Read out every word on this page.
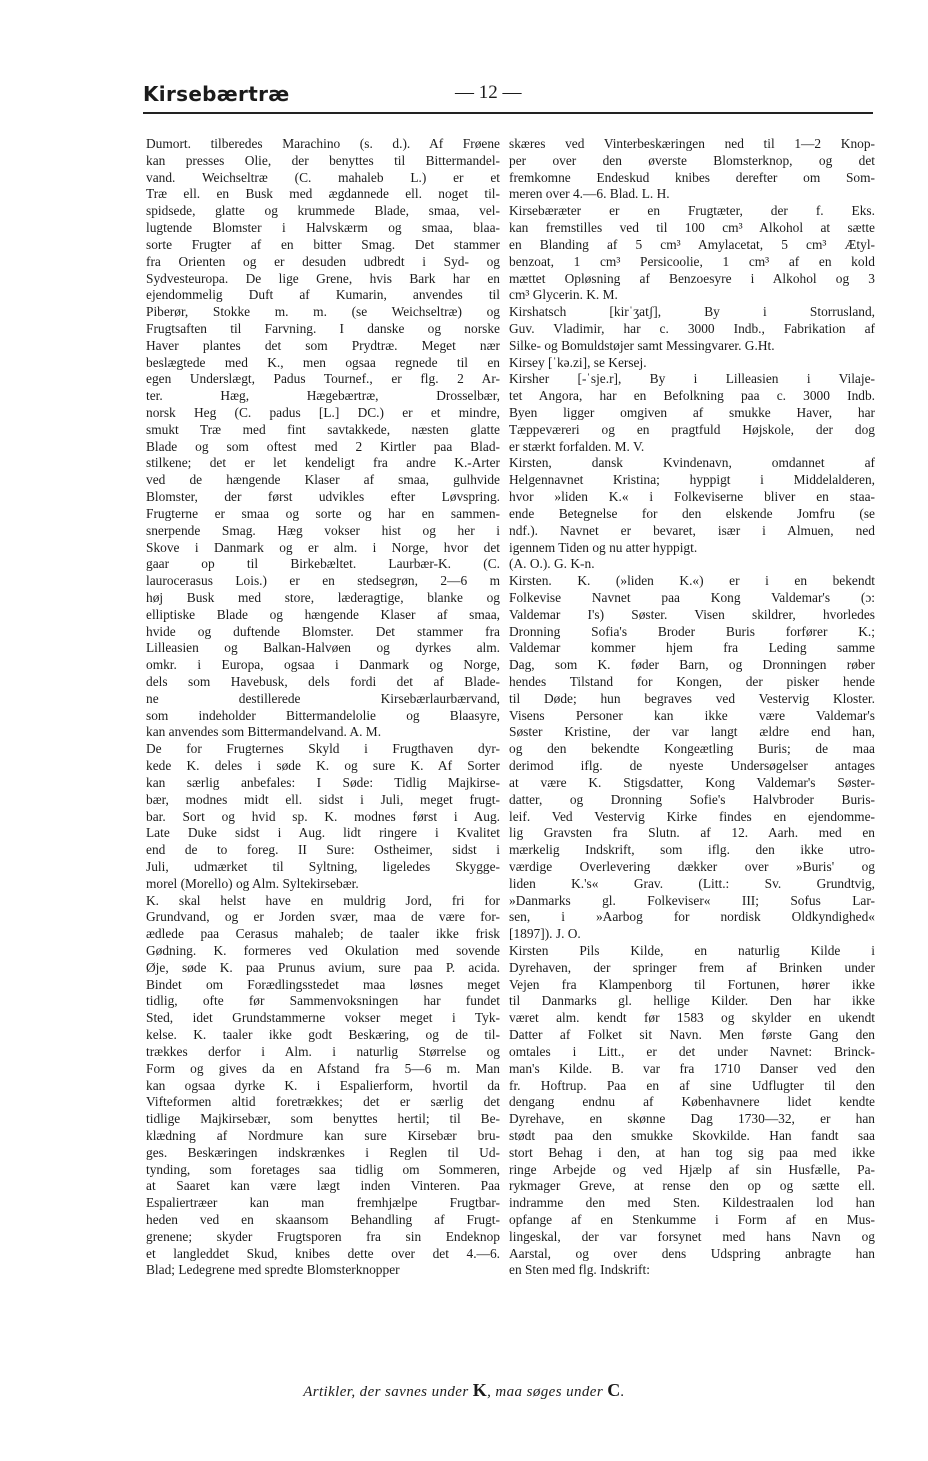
Kirsebærtræ	— 12 —
Dumort. tilberedes Marachino (s. d.). Af Frøene
kan presses Olie, der benyttes til Bittermandel-
vand. Weichseltræ (C. mahaleb L.) er et
Træ ell. en Busk med ægdannede ell. noget til-
spidsede, glatte og krummede Blade, smaa, vel-
lugtende Blomster i Halvskærm og smaa, blaa-
sorte Frugter af en bitter Smag. Det stammer
fra Orienten og er desuden udbredt i Syd- og
Sydvesteuropa. De lige Grene, hvis Bark har en
ejendommelig Duft af Kumarin, anvendes til
Piberør, Stokke m. m. (se Weichseltræ) og
Frugtsaften til Farvning. I danske og norske
Haver plantes det som Prydtræ. Meget nær
beslægtede med K., men ogsaa regnede til en
egen Underslægt, Padus Tournef., er flg. 2 Ar-
ter. Hæg, Hægebærtræ, Drosselbær,
norsk Heg (C. padus [L.] DC.) er et mindre,
smukt Træ med fint savtakkede, næsten glatte
Blade og som oftest med 2 Kirtler paa Blad-
stilkene; det er let kendeligt fra andre K.-Arter
ved de hængende Klaser af smaa, gulhvide
Blomster, der først udvikles efter Løvspring.
Frugterne er smaa og sorte og har en sammen-
snerpende Smag. Hæg vokser hist og her i
Skove i Danmark og er alm. i Norge, hvor det
gaar op til Birkebæltet. Laurbær-K. (C.
laurocerasus Lois.) er en stedsegrøn, 2—6 m
høj Busk med store, læderagtige, blanke og
elliptiske Blade og hængende Klaser af smaa,
hvide og duftende Blomster. Det stammer fra
Lilleasien og Balkan-Halvøen og dyrkes alm.
omkr. i Europa, ogsaa i Danmark og Norge,
dels som Havebusk, dels fordi det af Blade-
ne destillerede Kirsebærlaurbærvand,
som indeholder Bittermandelolie og Blaasyre,
kan anvendes som Bittermandelvand. A. M.
De for Frugternes Skyld i Frugthaven dyr-
kede K. deles i søde K. og sure K. Af Sorter
kan særlig anbefales: I Søde: Tidlig Majkirse-
bær, modnes midt ell. sidst i Juli, meget frugt-
bar. Sort og hvid sp. K. modnes først i Aug.
Late Duke sidst i Aug. lidt ringere i Kvalitet
end de to foreg. II Sure: Ostheimer, sidst i
Juli, udmærket til Syltning, ligeledes Skygge-
morel (Morello) og Alm. Syltekirsebær.
K. skal helst have en muldrig Jord, fri for
Grundvand, og er Jorden svær, maa de være for-
ædlede paa Cerasus mahaleb; de taaler ikke frisk
Gødning. K. formeres ved Okulation med sovende
Øje, søde K. paa Prunus avium, sure paa P. acida.
Bindet om Forædlingsstedet maa løsnes meget
tidlig, ofte før Sammenvoksningen har fundet
Sted, idet Grundstammerne vokser meget i Tyk-
kelse. K. taaler ikke godt Beskæring, og de til-
trækkes derfor i Alm. i naturlig Størrelse og
Form og gives da en Afstand fra 5—6 m. Man
kan ogsaa dyrke K. i Espalierform, hvortil da
Vifteformen altid foretrækkes; det er særlig det
tidlige Majkirsebær, som benyttes hertil; til Be-
klædning af Nordmure kan sure Kirsebær bru-
ges. Beskæringen indskrænkes i Reglen til Ud-
tynding, som foretages saa tidlig om Sommeren,
at Saaret kan være lægt inden Vinteren. Paa
Espaliertræer kan man fremhjælpe Frugtbar-
heden ved en skaansom Behandling af Frugt-
grenene; skyder Frugtsporen fra sin Endeknop
et langleddet Skud, knibes dette over det 4.—6.
Blad; Ledegrene med spredte Blomsterknopper
skæres ved Vinterbeskæringen ned til 1—2 Knop-
per over den øverste Blomsterknop, og det
fremkomne Endeskud knibes derefter om Som-
meren over 4.—6. Blad. L. H.
Kirsebæræter er en Frugtæter, der f. Eks.
kan fremstilles ved til 100 cm³ Alkohol at sætte
en Blanding af 5 cm³ Amylacetat, 5 cm³ Ætyl-
benzoat, 1 cm³ Persicoolie, 1 cm³ af en kold
mættet Opløsning af Benzoesyre i Alkohol og 3
cm³ Glycerin. K. M.
Kirshatsch [kirˈʒatʃ], By i Storrusland,
Guv. Vladimir, har c. 3000 Indb., Fabrikation af
Silke- og Bomuldstøjer samt Messingvarer. G.Ht.
Kirsey [ˈkə.zi], se Kersej.
Kirsher [-ˈsje.r], By i Lilleasien i Vilaje-
tet Angora, har en Befolkning paa c. 3000 Indb.
Byen ligger omgiven af smukke Haver, har
Tæppeværeri og en pragtfuld Højskole, der dog
er stærkt forfalden. M. V.
Kirsten, dansk Kvindenavn, omdannet af
Helgennavnet Kristina; hyppigt i Middelalderen,
hvor »liden K.« i Folkeviserne bliver en staa-
ende Betegnelse for den elskende Jomfru (se
ndf.). Navnet er bevaret, især i Almuen, ned
igennem Tiden og nu atter hyppigt.
(A. O.). G. K-n.
Kirsten. K. (»liden K.«) er i en bekendt
Folkevise Navnet paa Kong Valdemar's (ɔ:
Valdemar I's) Søster. Visen skildrer, hvorledes
Dronning Sofia's Broder Buris forfører K.;
Valdemar kommer hjem fra Leding samme
Dag, som K. føder Barn, og Dronningen røber
hendes Tilstand for Kongen, der pisker hende
til Døde; hun begraves ved Vestervig Kloster.
Visens Personer kan ikke være Valdemar's
Søster Kristine, der var langt ældre end han,
og den bekendte Kongeætling Buris; de maa
derimod iflg. de nyeste Undersøgelser antages
at være K. Stigsdatter, Kong Valdemar's Søster-
datter, og Dronning Sofie's Halvbroder Buris-
leif. Ved Vestervig Kirke findes en ejendomme-
lig Gravsten fra Slutn. af 12. Aarh. med en
mærkelig Indskrift, som iflg. den ikke utro-
værdige Overlevering dækker over »Buris' og
liden K.'s« Grav. (Litt.: Sv. Grundtvig,
»Danmarks gl. Folkeviser« III; Sofus Lar-
sen, i »Aarbog for nordisk Oldkyndighed«
[1897]). J. O.
Kirsten Pils Kilde, en naturlig Kilde i
Dyrehaven, der springer frem af Brinken under
Vejen fra Klampenborg til Fortunen, hører ikke
til Danmarks gl. hellige Kilder. Den har ikke
været alm. kendt før 1583 og skylder en ukendt
Datter af Folket sit Navn. Men første Gang den
omtales i Litt., er det under Navnet: Brinck-
man's Kilde. B. var fra 1710 Danser ved den
fr. Hoftrup. Paa en af sine Udflugter til den
dengang endnu af Københavnere lidet kendte
Dyrehave, en skønne Dag 1730—32, er han
stødt paa den smukke Skovkilde. Han fandt saa
stort Behag i den, at han tog sig paa med ikke
ringe Arbejde og ved Hjælp af sin Husfælle, Pa-
rykmager Greve, at rense den op og sætte ell.
indramme den med Sten. Kildestraalen lod han
opfange af en Stenkumme i Form af en Mus-
lingeskal, der var forsynet med hans Navn og
Aarstal, og over dens Udspring anbragte han
en Sten med flg. Indskrift:
Artikler, der savnes under K, maa søges under C.
